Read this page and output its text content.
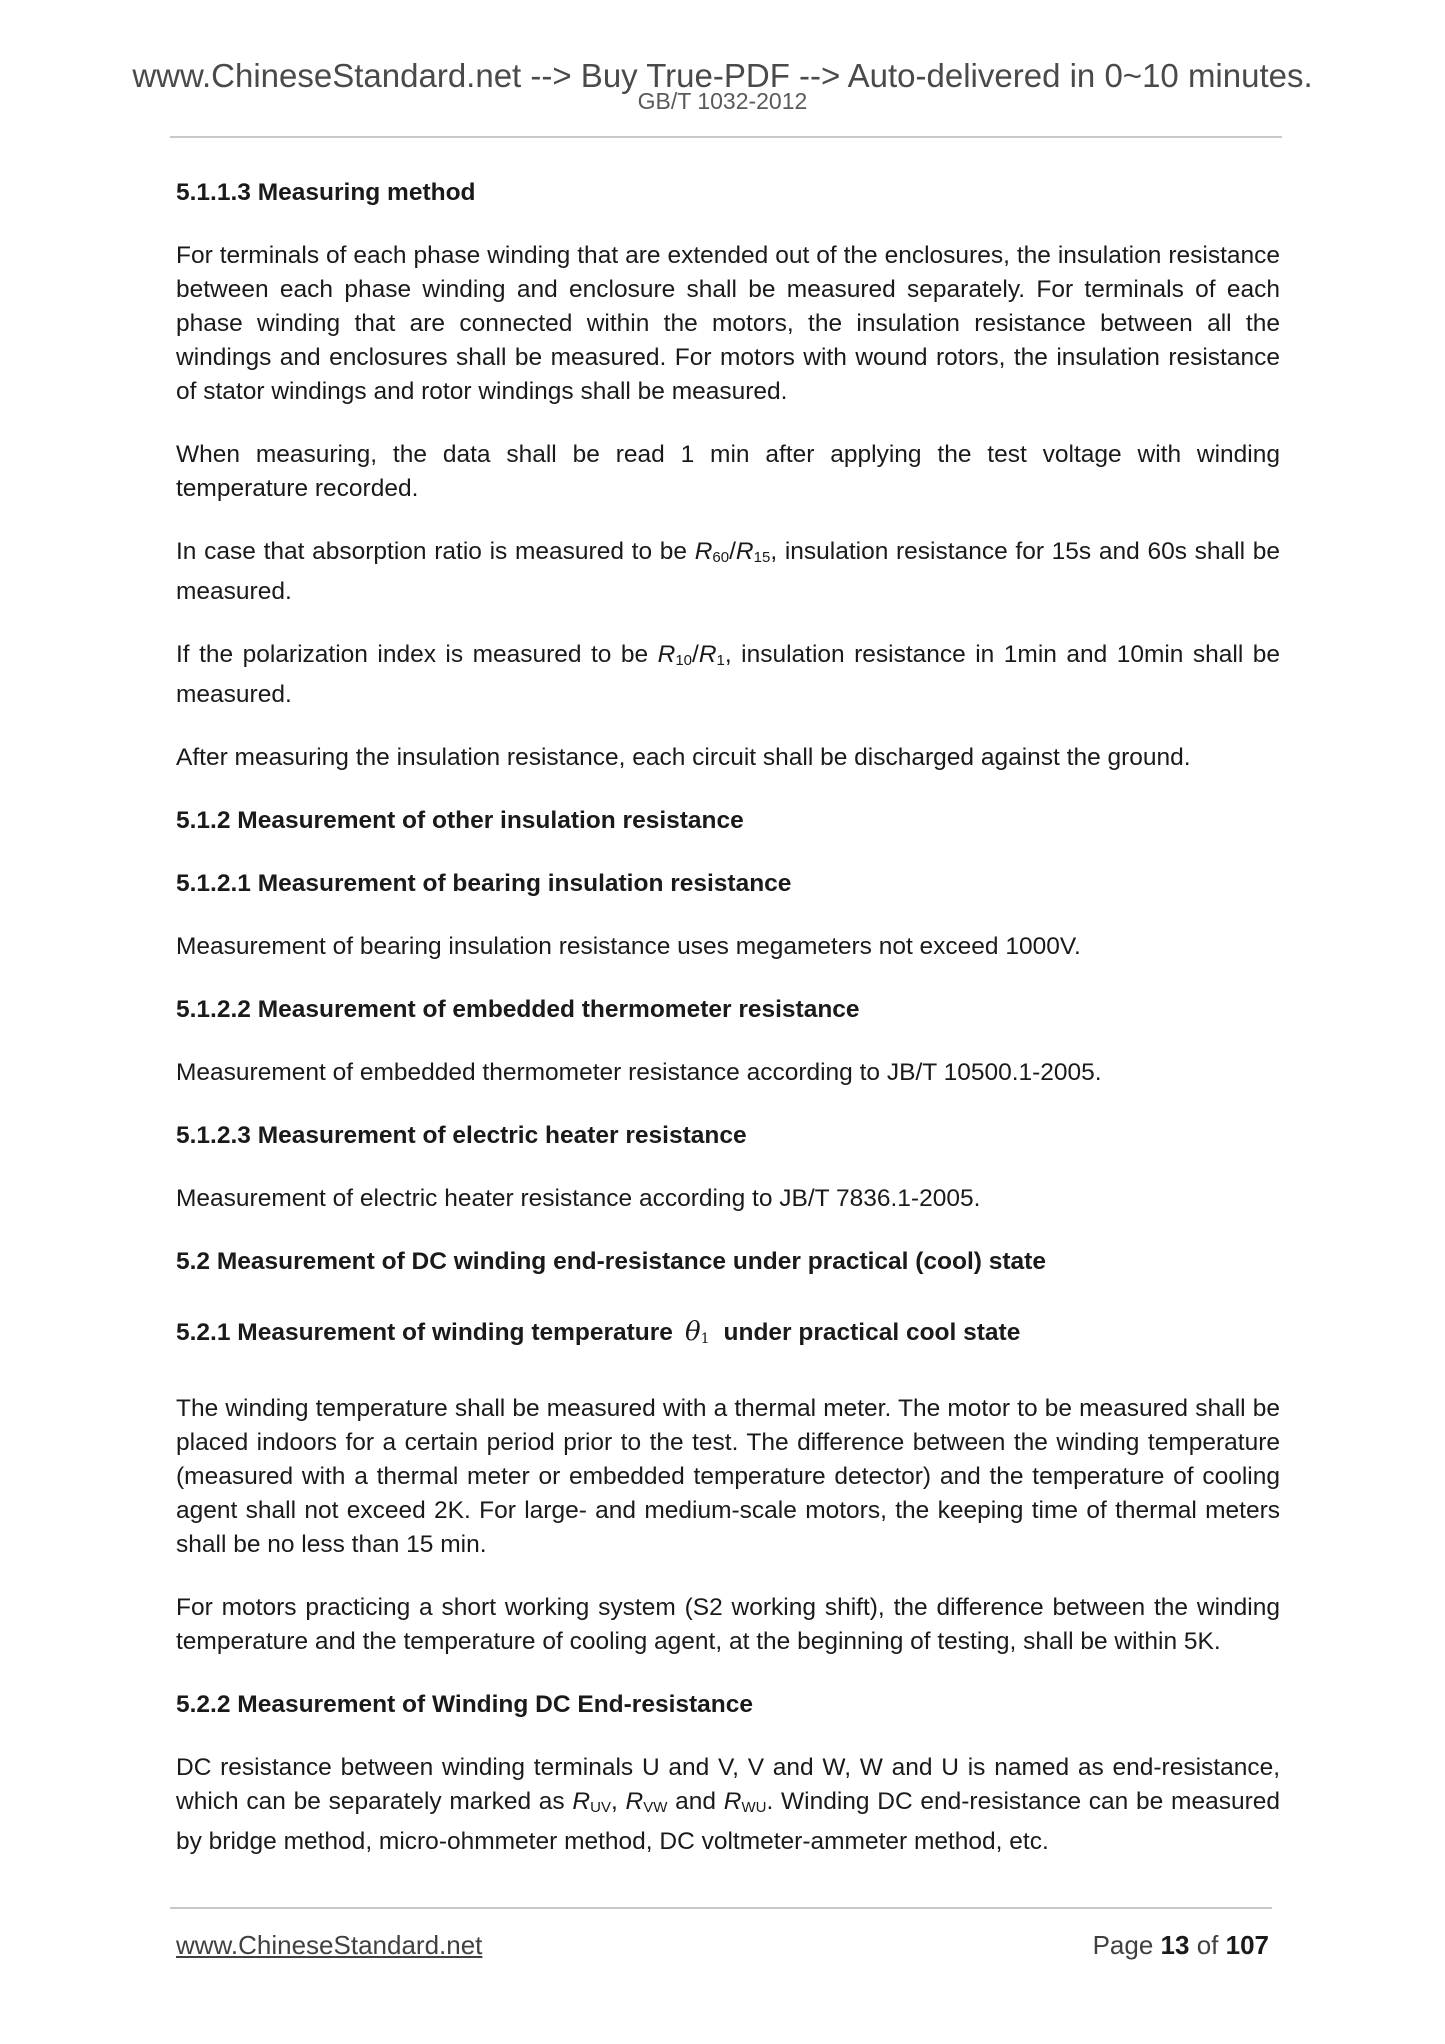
www.ChineseStandard.net --> Buy True-PDF --> Auto-delivered in 0~10 minutes.
GB/T 1032-2012
5.1.1.3 Measuring method
For terminals of each phase winding that are extended out of the enclosures, the insulation resistance between each phase winding and enclosure shall be measured separately. For terminals of each phase winding that are connected within the motors, the insulation resistance between all the windings and enclosures shall be measured. For motors with wound rotors, the insulation resistance of stator windings and rotor windings shall be measured.
When measuring, the data shall be read 1 min after applying the test voltage with winding temperature recorded.
In case that absorption ratio is measured to be $R_{60}/R_{15}$, insulation resistance for 15s and 60s shall be measured.
If the polarization index is measured to be $R_{10}/R_1$, insulation resistance in 1min and 10min shall be measured.
After measuring the insulation resistance, each circuit shall be discharged against the ground.
5.1.2 Measurement of other insulation resistance
5.1.2.1 Measurement of bearing insulation resistance
Measurement of bearing insulation resistance uses megameters not exceed 1000V.
5.1.2.2 Measurement of embedded thermometer resistance
Measurement of embedded thermometer resistance according to JB/T 10500.1-2005.
5.1.2.3 Measurement of electric heater resistance
Measurement of electric heater resistance according to JB/T 7836.1-2005.
5.2 Measurement of DC winding end-resistance under practical (cool) state
5.2.1 Measurement of winding temperature $\theta_1$ under practical cool state
The winding temperature shall be measured with a thermal meter. The motor to be measured shall be placed indoors for a certain period prior to the test. The difference between the winding temperature (measured with a thermal meter or embedded temperature detector) and the temperature of cooling agent shall not exceed 2K. For large- and medium-scale motors, the keeping time of thermal meters shall be no less than 15 min.
For motors practicing a short working system (S2 working shift), the difference between the winding temperature and the temperature of cooling agent, at the beginning of testing, shall be within 5K.
5.2.2 Measurement of Winding DC End-resistance
DC resistance between winding terminals U and V, V and W, W and U is named as end-resistance, which can be separately marked as $R_{UV}$, $R_{VW}$ and $R_{WU}$. Winding DC end-resistance can be measured by bridge method, micro-ohmmeter method, DC voltmeter-ammeter method, etc.
www.ChineseStandard.net	Page 13 of 107
